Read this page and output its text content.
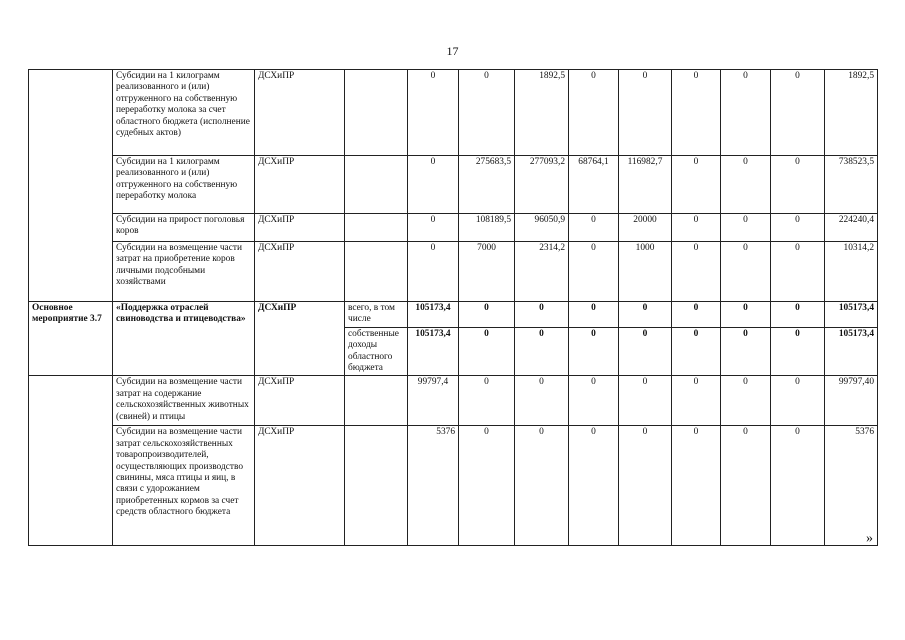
17
	Субсидии на 1 килограмм реализованного и (или) отгруженного на собственную переработку молока за счет областного бюджета (исполнение судебных актов)	ДСХиПР		0	0	1892,5	0	0	0	0	0	1892,5
	Субсидии на 1 килограмм реализованного и (или) отгруженного на собственную переработку молока	ДСХиПР		0	275683,5	277093,2	68764,1	116982,7	0	0	0	738523,5
	Субсидии на прирост поголовья коров	ДСХиПР		0	108189,5	96050,9	0	20000	0	0	0	224240,4
	Субсидии на возмещение части затрат на приобретение коров личными подсобными хозяйствами	ДСХиПР		0	7000	2314,2	0	1000	0	0	0	10314,2
Основное мероприятие 3.7	«Поддержка отраслей свиноводства и птицеводства»	ДСХиПР	всего, в том числе	105173,4	0	0	0	0	0	0	0	105173,4
			собственные доходы областного бюджета	105173,4	0	0	0	0	0	0	0	105173,4
	Субсидии на возмещение части затрат на содержание сельскохозяйственных животных (свиней) и птицы	ДСХиПР		99797,4	0	0	0	0	0	0	0	99797,40
	Субсидии на возмещение части затрат сельскохозяйственных товаропроизводителей, осуществляющих производство свинины, мяса птицы и яиц, в связи с удорожанием приобретенных кормов за счет средств областного бюджета	ДСХиПР		5376	0	0	0	0	0	0	0	5376
»
